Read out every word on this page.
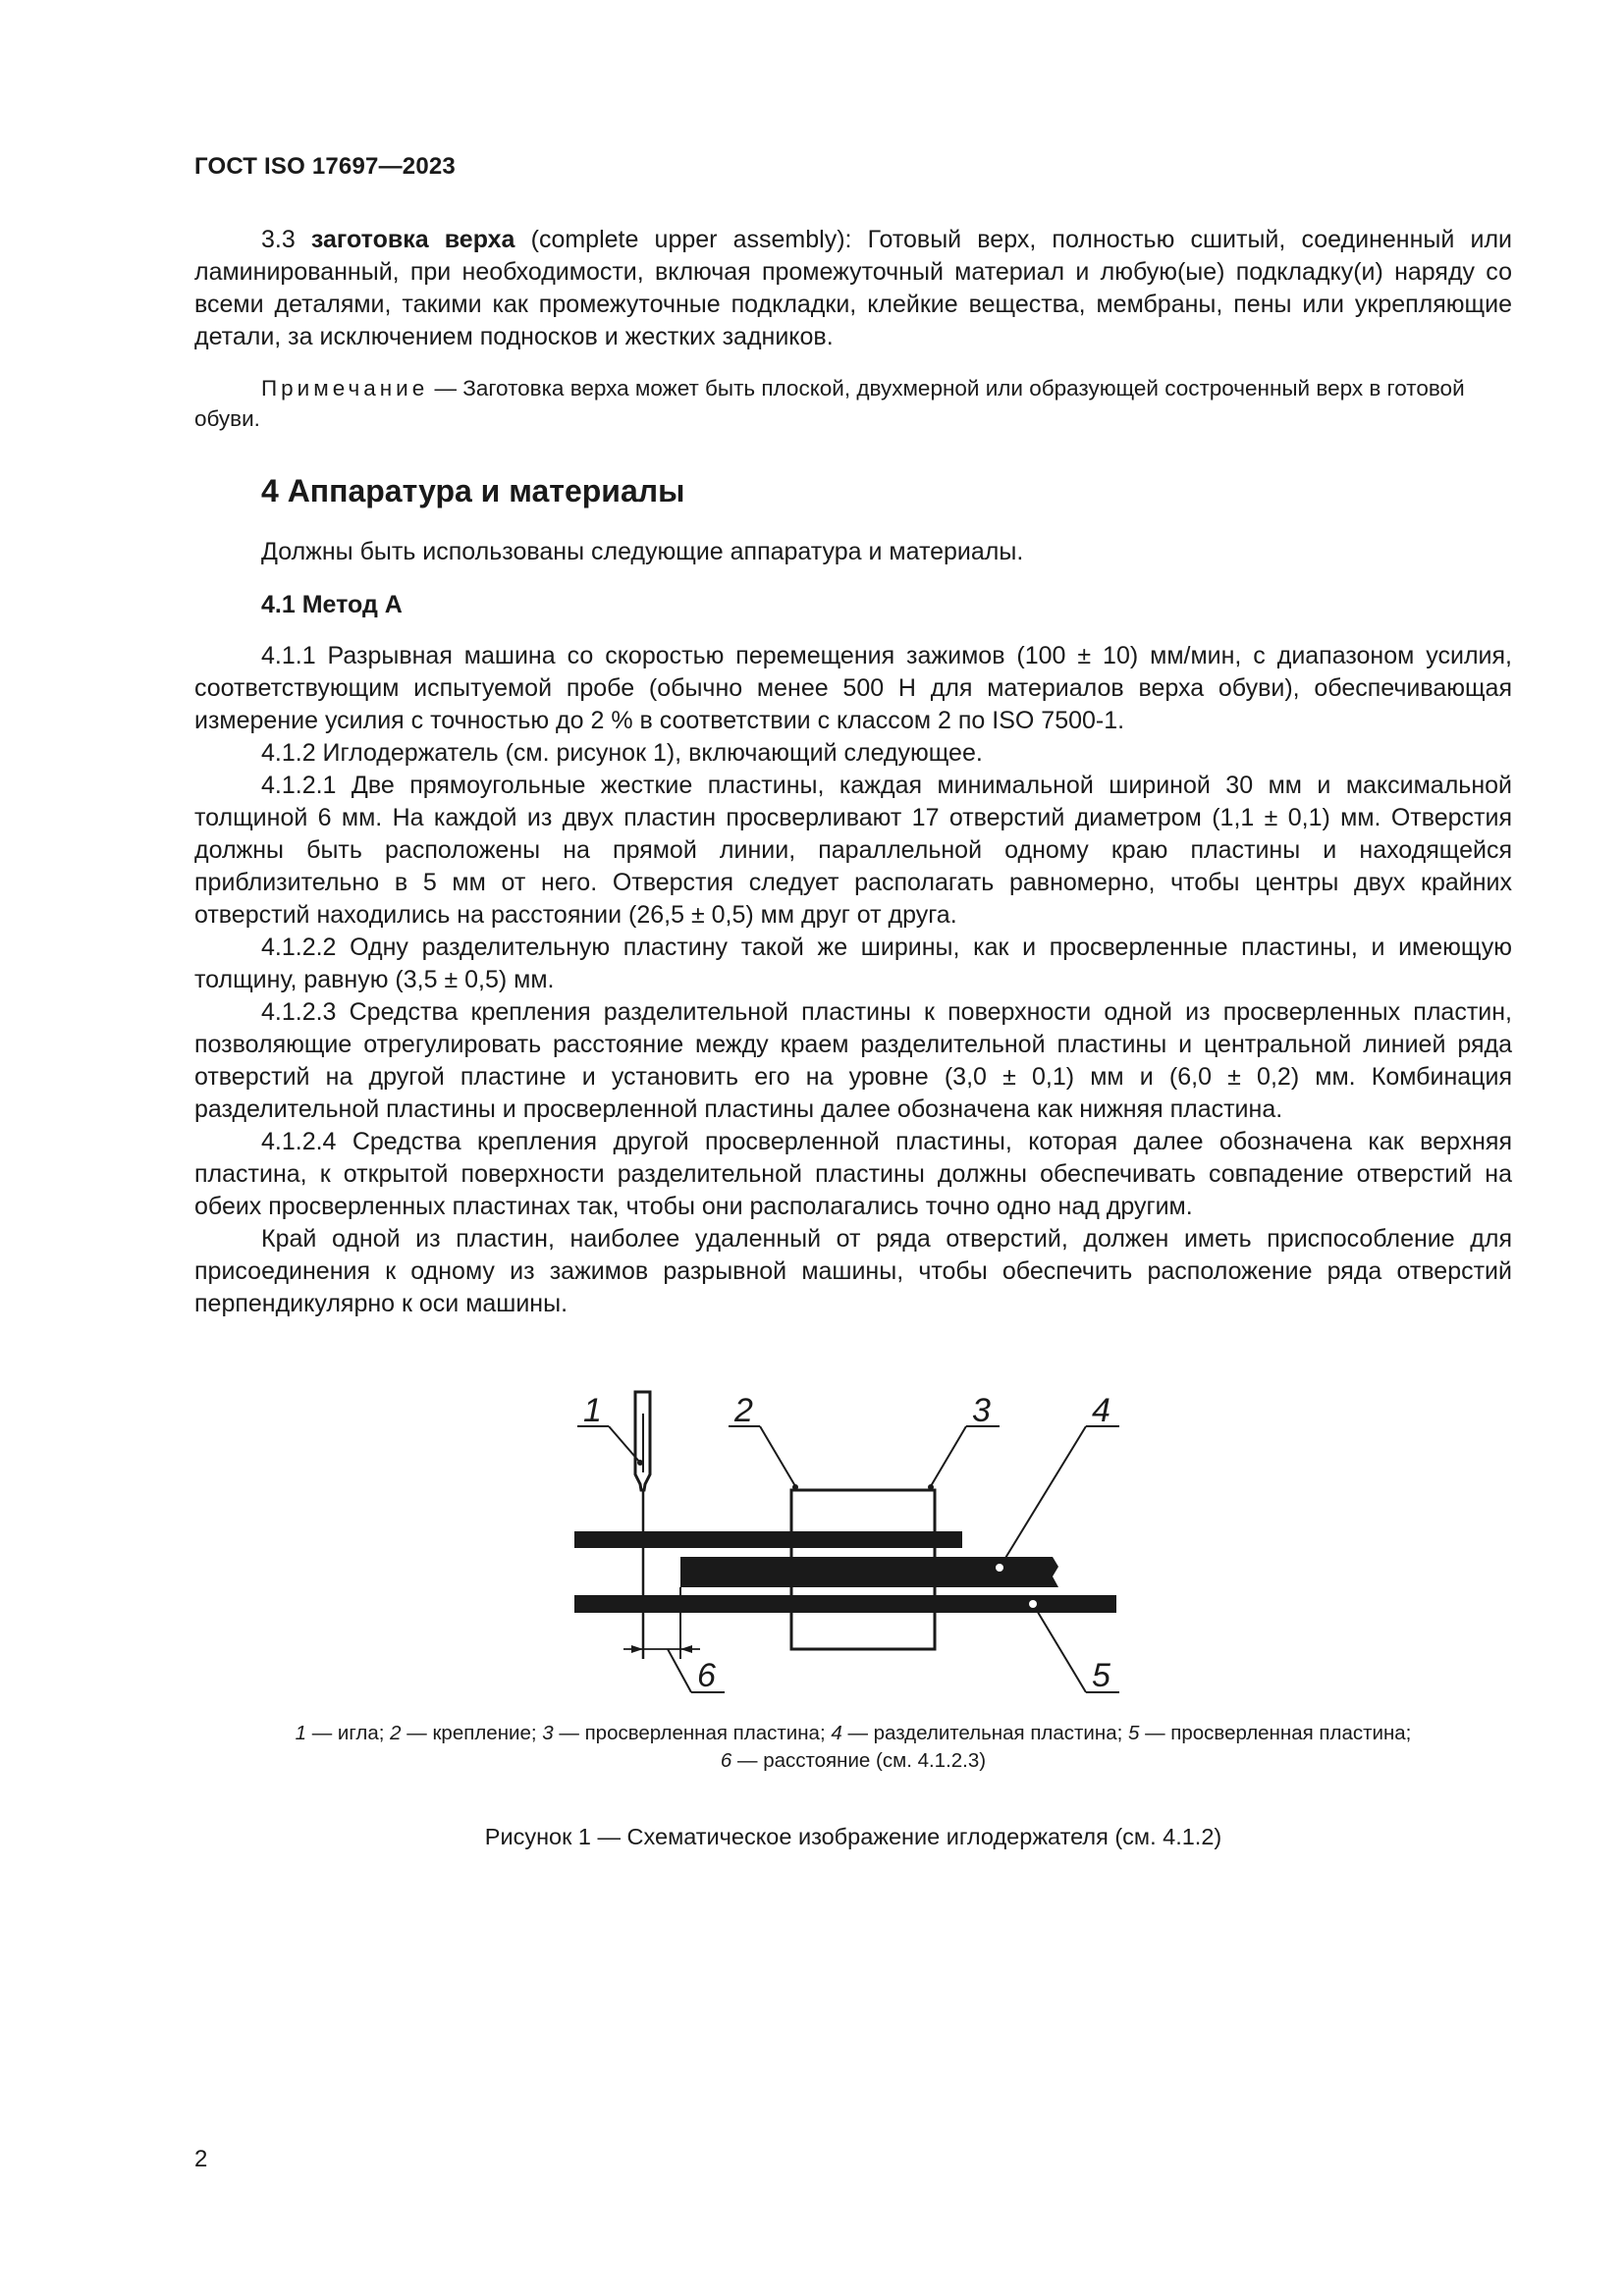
ГОСТ ISO 17697—2023
3.3 заготовка верха (complete upper assembly): Готовый верх, полностью сшитый, соединенный или ламинированный, при необходимости, включая промежуточный материал и любую(ые) подкладку(и) наряду со всеми деталями, такими как промежуточные подкладки, клейкие вещества, мембраны, пены или укрепляющие детали, за исключением подносков и жестких задников.
Примечание — Заготовка верха может быть плоской, двухмерной или образующей состроченный верх в готовой обуви.
4 Аппаратура и материалы
Должны быть использованы следующие аппаратура и материалы.
4.1 Метод А
4.1.1 Разрывная машина со скоростью перемещения зажимов (100 ± 10) мм/мин, с диапазоном усилия, соответствующим испытуемой пробе (обычно менее 500 Н для материалов верха обуви), обеспечивающая измерение усилия с точностью до 2 % в соответствии с классом 2 по ISO 7500-1.
4.1.2 Иглодержатель (см. рисунок 1), включающий следующее.
4.1.2.1 Две прямоугольные жесткие пластины, каждая минимальной шириной 30 мм и максимальной толщиной 6 мм. На каждой из двух пластин просверливают 17 отверстий диаметром (1,1 ± 0,1) мм. Отверстия должны быть расположены на прямой линии, параллельной одному краю пластины и находящейся приблизительно в 5 мм от него. Отверстия следует располагать равномерно, чтобы центры двух крайних отверстий находились на расстоянии (26,5 ± 0,5) мм друг от друга.
4.1.2.2 Одну разделительную пластину такой же ширины, как и просверленные пластины, и имеющую толщину, равную (3,5 ± 0,5) мм.
4.1.2.3 Средства крепления разделительной пластины к поверхности одной из просверленных пластин, позволяющие отрегулировать расстояние между краем разделительной пластины и центральной линией ряда отверстий на другой пластине и установить его на уровне (3,0 ± 0,1) мм и (6,0 ± 0,2) мм. Комбинация разделительной пластины и просверленной пластины далее обозначена как нижняя пластина.
4.1.2.4 Средства крепления другой просверленной пластины, которая далее обозначена как верхняя пластина, к открытой поверхности разделительной пластины должны обеспечивать совпадение отверстий на обеих просверленных пластинах так, чтобы они располагались точно одно над другим.
Край одной из пластин, наиболее удаленный от ряда отверстий, должен иметь приспособление для присоединения к одному из зажимов разрывной машины, чтобы обеспечить расположение ряда отверстий перпендикулярно к оси машины.
1	2	3	4
6	5
1 — игла; 2 — крепление; 3 — просверленная пластина; 4 — разделительная пластина; 5 — просверленная пластина;
6 — расстояние (см. 4.1.2.3)
Рисунок 1 — Схематическое изображение иглодержателя (см. 4.1.2)
2
